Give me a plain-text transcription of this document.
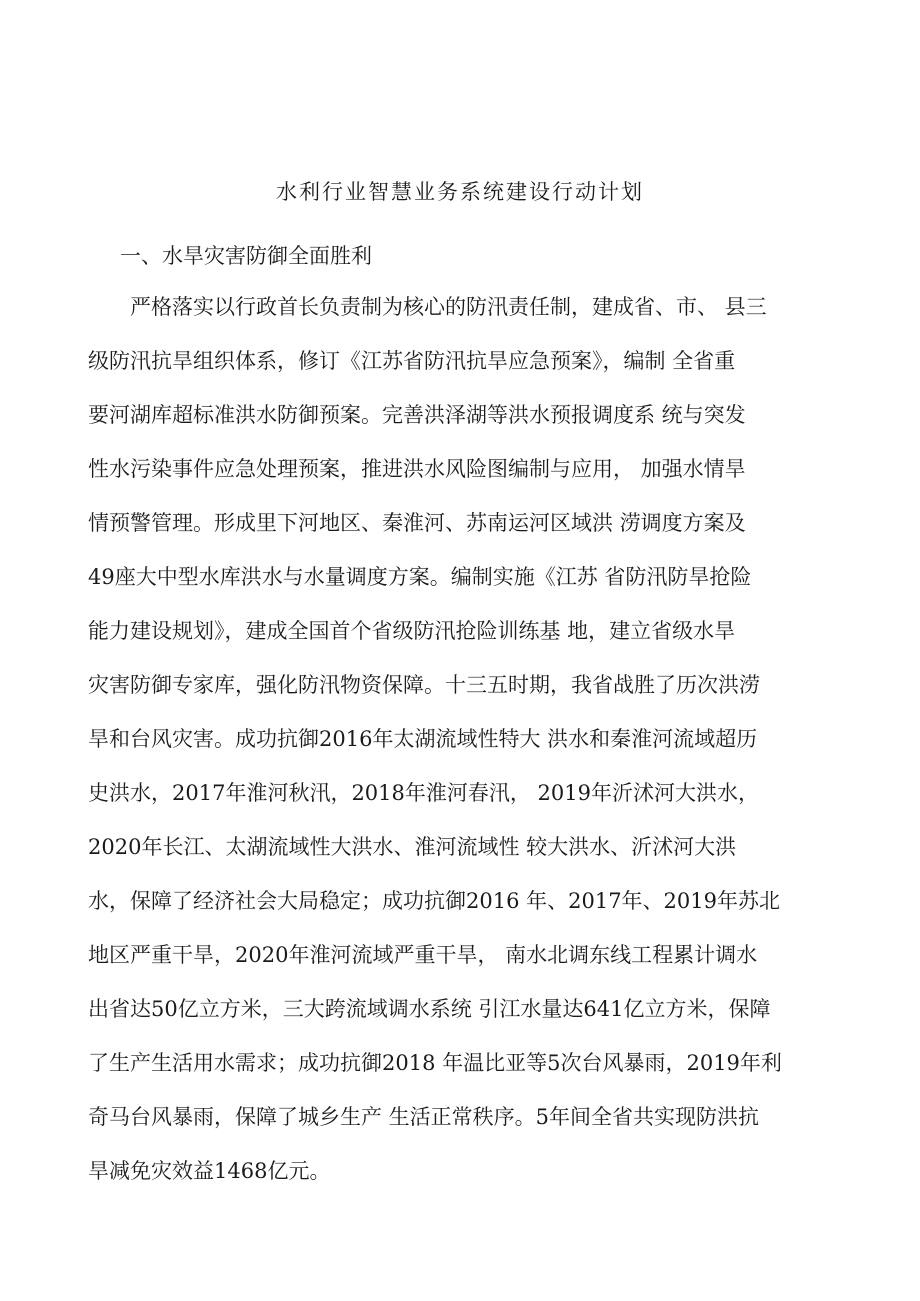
水利行业智慧业务系统建设行动计划
一、水旱灾害防御全面胜利
严格落实以行政首长负责制为核心的防汛责任制，建成省、市、 县三
级防汛抗旱组织体系，修订《江苏省防汛抗旱应急预案》，编制 全省重
要河湖库超标准洪水防御预案。完善洪泽湖等洪水预报调度系 统与突发
性水污染事件应急处理预案，推进洪水风险图编制与应用， 加强水情旱
情预警管理。形成里下河地区、秦淮河、苏南运河区域洪 涝调度方案及
49座大中型水库洪水与水量调度方案。编制实施《江苏 省防汛防旱抢险
能力建设规划》，建成全国首个省级防汛抢险训练基 地，建立省级水旱
灾害防御专家库，强化防汛物资保障。十三五时期，我省战胜了历次洪涝
旱和台风灾害。成功抗御2016年太湖流域性特大 洪水和秦淮河流域超历
史洪水，2017年淮河秋汛，2018年淮河春汛， 2019年沂沭河大洪水，
2020年长江、太湖流域性大洪水、淮河流域性 较大洪水、沂沭河大洪
水，保障了经济社会大局稳定；成功抗御2016 年、2017年、2019年苏北
地区严重干旱，2020年淮河流域严重干旱， 南水北调东线工程累计调水
出省达50亿立方米，三大跨流域调水系统 引江水量达641亿立方米，保障
了生产生活用水需求；成功抗御2018 年温比亚等5次台风暴雨，2019年利
奇马台风暴雨，保障了城乡生产 生活正常秩序。5年间全省共实现防洪抗
旱减免灾效益1468亿元。
